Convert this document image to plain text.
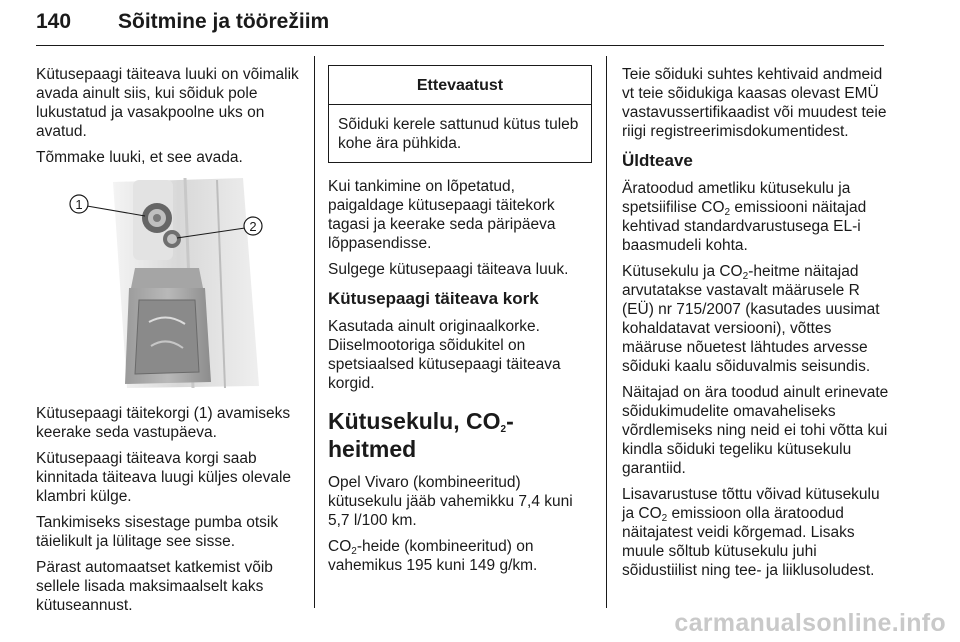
140 Sõitmine ja töörežiim

Kütusepaagi täiteava luuki on võimalik avada ainult siis, kui sõiduk pole lukustatud ja vasakpoolne uks on avatud.

Tõmmake luuki, et see avada.

1
2

Kütusepaagi täitekorgi (1) avamiseks keerake seda vastupäeva.

Kütusepaagi täiteava korgi saab kinnitada täiteava luugi küljes olevale klambri külge.

Tankimiseks sisestage pumba otsik täielikult ja lülitage see sisse.

Pärast automaatset katkemist võib sellele lisada maksimaalselt kaks kütuseannust.

Ettevaatust
Sõiduki kerele sattunud kütus tuleb kohe ära pühkida.

Kui tankimine on lõpetatud, paigaldage kütusepaagi täitekork tagasi ja keerake seda päripäeva lõppasendisse.

Sulgege kütusepaagi täiteava luuk.

Kütusepaagi täiteava kork

Kasutada ainult originaalkorke. Diiselmootoriga sõidukitel on spetsiaalsed kütusepaagi täiteava korgid.

Kütusekulu, $CO_2$-heitmed

Opel Vivaro (kombineeritud) kütusekulu jääb vahemikku 7,4 kuni 5,7 l/100 km.

$CO_2$-heide (kombineeritud) on vahemikus 195 kuni 149 g/km.

Teie sõiduki suhtes kehtivaid andmeid vt teie sõidukiga kaasas olevast EMÜ vastavussertifikaadist või muudest teie riigi registreerimisdokumentidest.

Üldteave

Äratoodud ametliku kütusekulu ja spetsiifilise $CO_2$ emissiooni näitajad kehtivad standardvarustusega EL-i baasmudeli kohta.

Kütusekulu ja $CO_2$-heitme näitajad arvutatakse vastavalt määrusele R (EÜ) nr 715/2007 (kasutades uusimat kohaldatavat versiooni), võttes määruse nõuetest lähtudes arvesse sõiduki kaalu sõiduvalmis seisundis.

Näitajad on ära toodud ainult erinevate sõidukimudelite omavaheliseks võrdlemiseks ning neid ei tohi võtta kui kindla sõiduki tegeliku kütusekulu garantiid.

Lisavarustuse tõttu võivad kütusekulu ja $CO_2$ emissioon olla äratoodud näitajatest veidi kõrgemad. Lisaks muule sõltub kütusekulu juhi sõidustiilist ning tee- ja liiklusoludest.

carmanualsonline.info
